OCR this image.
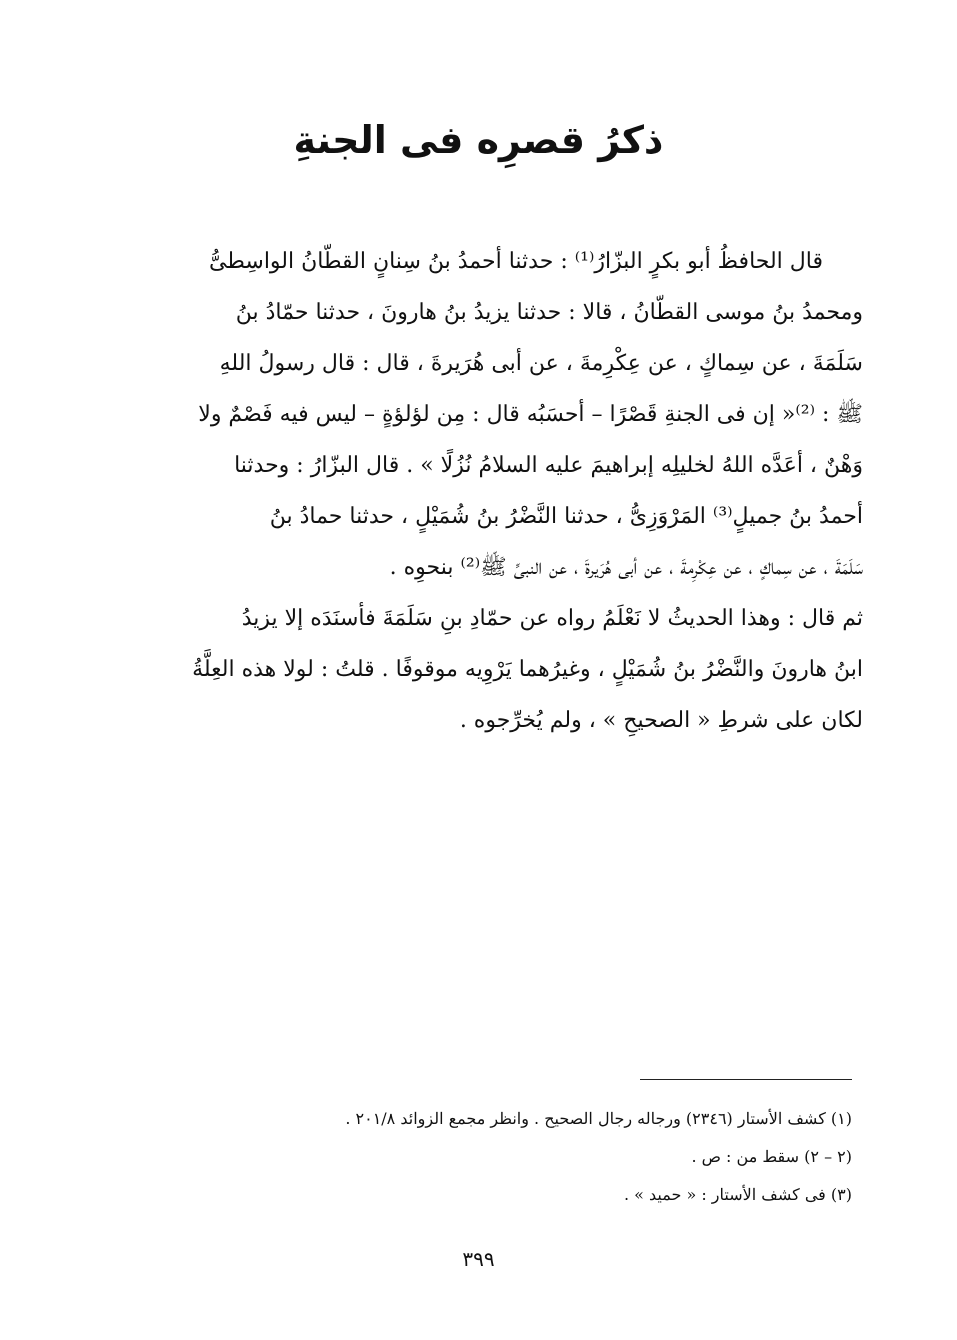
ذكرُ قصرِه فى الجنةِ
قال الحافظُ أبو بكرٍ البزّارُ⁽¹⁾ : حدثنا أحمدُ بنُ سِنانٍ القطّانُ الواسِطىُّ
ومحمدُ بنُ موسى القطّانُ ، قالا : حدثنا يزيدُ بنُ هارونَ ، حدثنا حمّادُ بنُ
سَلَمَةَ ، عن سِماكٍ ، عن عِكْرِمةَ ، عن أبى هُرَيرةَ ، قال : قال رسولُ اللهِ
ﷺ : ⁽²⁾« إن فى الجنةِ قَصْرًا – أحسَبُه قال : مِن لؤلؤةٍ – ليس فيه فَصْمٌ ولا
وَهْنٌ ، أعَدَّه اللهُ لخليلِه إبراهيمَ عليه السلامُ نُزُلًا » . قال البزّارُ : وحدثنا
أحمدُ بنُ جميلٍ⁽³⁾ المَرْوَزِىُّ ، حدثنا النَّضْرُ بنُ شُمَيْلٍ ، حدثنا حمادُ بنُ
سَلَمَةَ ، عن سِماكٍ ، عن عِكْرِمةَ ، عن أبى هُرَيرةَ ، عن النبىِّ ﷺ⁽²⁾ بنحوِه .
ثم قال : وهذا الحديثُ لا نَعْلَمُ رواه عن حمّادِ بنِ سَلَمَةَ فأسنَدَه إلا يزيدُ
ابنُ هارونَ والنَّضْرُ بنُ شُمَيْلٍ ، وغيرُهما يَرْوِيه موقوفًا . قلتُ : لولا هذه العِلَّةُ
لكان على شرطِ « الصحيحِ » ، ولم يُخرِّجوه .
(١) كشف الأستار (٢٣٤٦) ورجاله رجال الصحيح . وانظر مجمع الزوائد ٢٠١/٨ .
(٢ – ٢) سقط من : ص .
(٣) فى كشف الأستار : « حميد » .
٣٩٩
